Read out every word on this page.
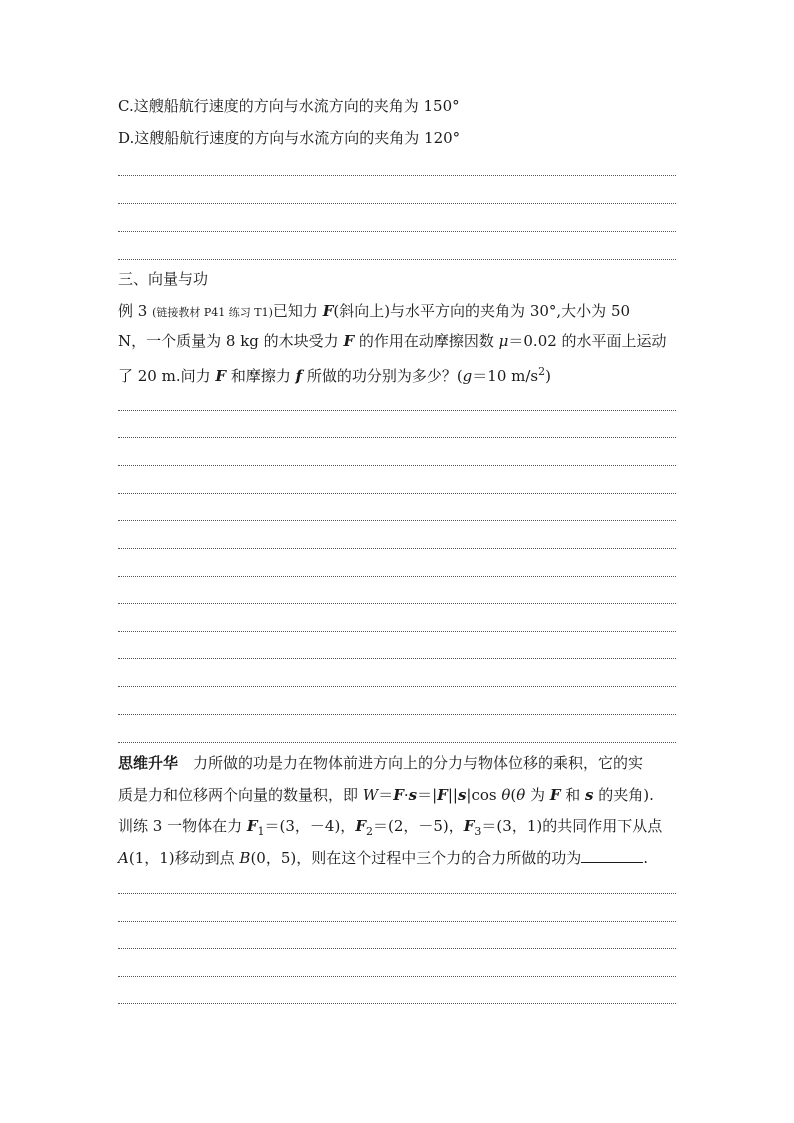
C.这艘船航行速度的方向与水流方向的夹角为 150°
D.这艘船航行速度的方向与水流方向的夹角为 120°
三、向量与功
例 3 (链接教材 P41 练习 T1)已知力 F(斜向上)与水平方向的夹角为 30°,大小为 50
N，一个质量为 8 kg 的木块受力 F 的作用在动摩擦因数 μ＝0.02 的水平面上运动
了 20 m.问力 F 和摩擦力 f 所做的功分别为多少？(g＝10 $m/s^2$)
思维升华　力所做的功是力在物体前进方向上的分力与物体位移的乘积，它的实
质是力和位移两个向量的数量积，即 W＝F·s＝|F||s|cos θ(θ 为 F 和 s 的夹角).
训练 3 一物体在力 $F_1=(3$，－4)，$F_2=(2$，－5)，$F_3=(3$，1)的共同作用下从点
A(1，1)移动到点 B(0，5)，则在这个过程中三个力的合力所做的功为	.
